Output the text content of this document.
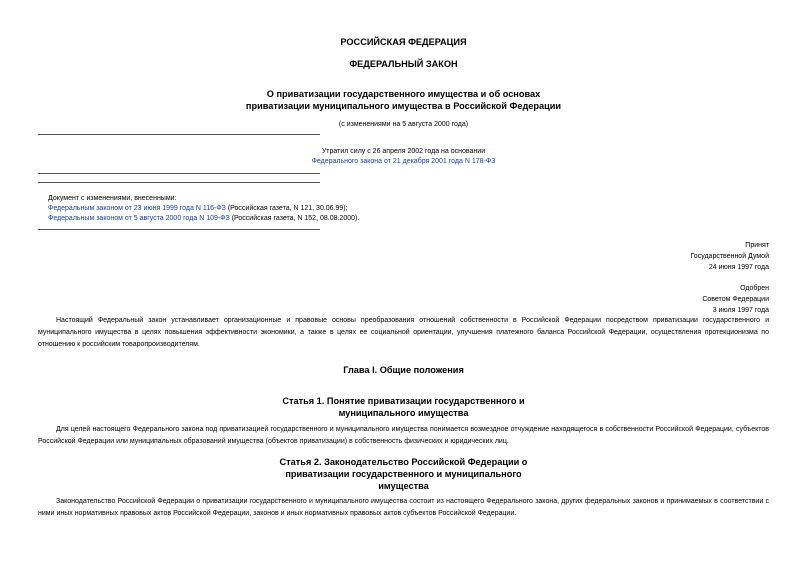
РОССИЙСКАЯ ФЕДЕРАЦИЯ
ФЕДЕРАЛЬНЫЙ ЗАКОН
О приватизации государственного имущества и об основах
приватизации муниципального имущества в Российской Федерации
(с изменениями на 5 августа 2000 года)
Утратил силу с 26 апреля 2002 года на основании
Федерального закона от 21 декабря 2001 года N 178-ФЗ
Документ с изменениями, внесенными:
Федеральным законом от 23 июня 1999 года N 116-ФЗ (Российская газета, N 121, 30.06.99);
Федеральным законом от 5 августа 2000 года N 109-ФЗ (Российская газета, N 152, 08.08.2000).
Принят
Государственной Думой
24 июня 1997 года
Одобрен
Советом Федерации
3 июля 1997 года
Настоящий Федеральный закон устанавливает организационные и правовые основы преобразования отношений собственности в Российской Федерации посредством приватизации государственного и муниципального имущества в целях повышения эффективности экономики, а также в целях ее социальной ориентации, улучшения платежного баланса Российской Федерации, осуществления протекционизма по отношению к российским товаропроизводителям.
Глава I. Общие положения
Статья 1. Понятие приватизации государственного и
муниципального имущества
Для целей настоящего Федерального закона под приватизацией государственного и муниципального имущества понимается возмездное отчуждение находящегося в собственности Российской Федерации, субъектов Российской Федерации или муниципальных образований имущества (объектов приватизации) в собственность физических и юридических лиц.
Статья 2. Законодательство Российской Федерации о
приватизации государственного и муниципального
имущества
Законодательство Российской Федерации о приватизации государственного и муниципального имущества состоит из настоящего Федерального закона, других федеральных законов и принимаемых в соответствии с ними иных нормативных правовых актов Российской Федерации, законов и иных нормативных правовых актов субъектов Российской Федерации.
